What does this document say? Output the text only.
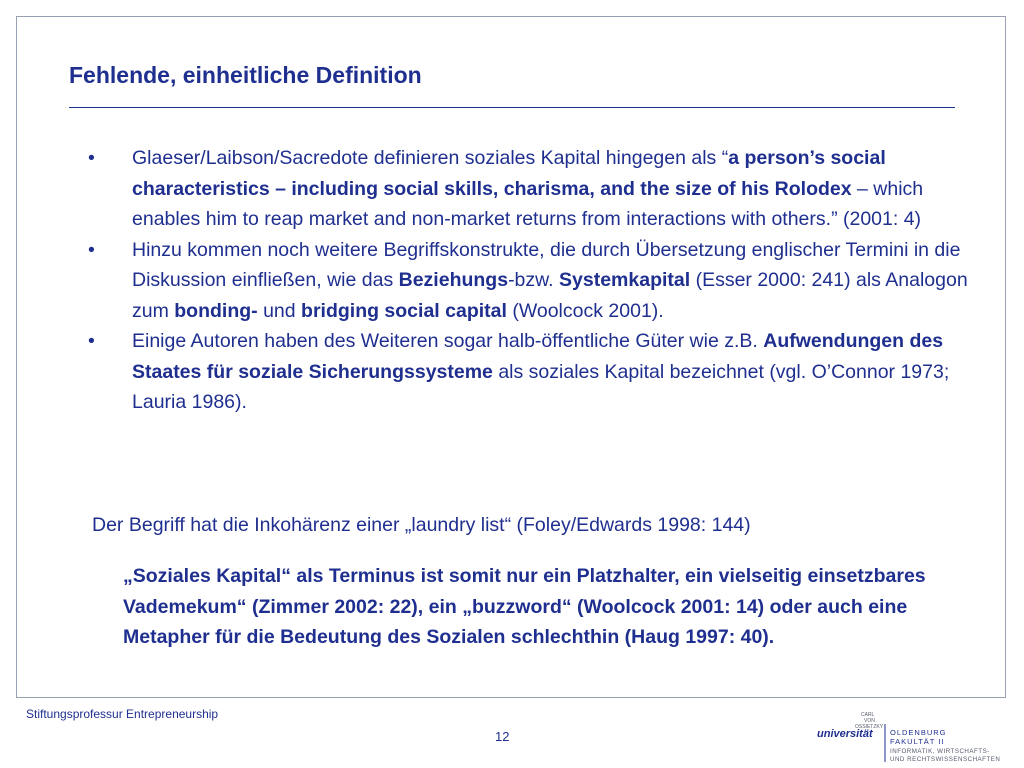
Fehlende, einheitliche Definition
• Glaeser/Laibson/Sacredote definieren soziales Kapital hingegen als “a person’s social characteristics – including social skills, charisma, and the size of his Rolodex – which enables him to reap market and non-market returns from interactions with others.” (2001: 4)
• Hinzu kommen noch weitere Begriffskonstrukte, die durch Übersetzung englischer Termini in die Diskussion einfließen, wie das Beziehungs-bzw. Systemkapital (Esser 2000: 241) als Analogon zum bonding- und bridging social capital (Woolcock 2001).
• Einige Autoren haben des Weiteren sogar halb-öffentliche Güter wie z.B. Aufwendungen des Staates für soziale Sicherungssysteme als soziales Kapital bezeichnet (vgl. O’Connor 1973; Lauria 1986).

Der Begriff hat die Inkohärenz einer „laundry list“ (Foley/Edwards 1998: 144)

„Soziales Kapital“ als Terminus ist somit nur ein Platzhalter, ein vielseitig einsetzbares Vademekum“ (Zimmer 2002: 22), ein „buzzword“ (Woolcock 2001: 14) oder auch eine Metapher für die Bedeutung des Sozialen schlechthin (Haug 1997: 40).

Stiftungsprofessur Entrepreneurship
12
CARL
VON
OSSIETZKY
universität OLDENBURG
FAKULTÄT II
INFORMATIK, WIRTSCHAFTS-
UND RECHTSWISSENSCHAFTEN
